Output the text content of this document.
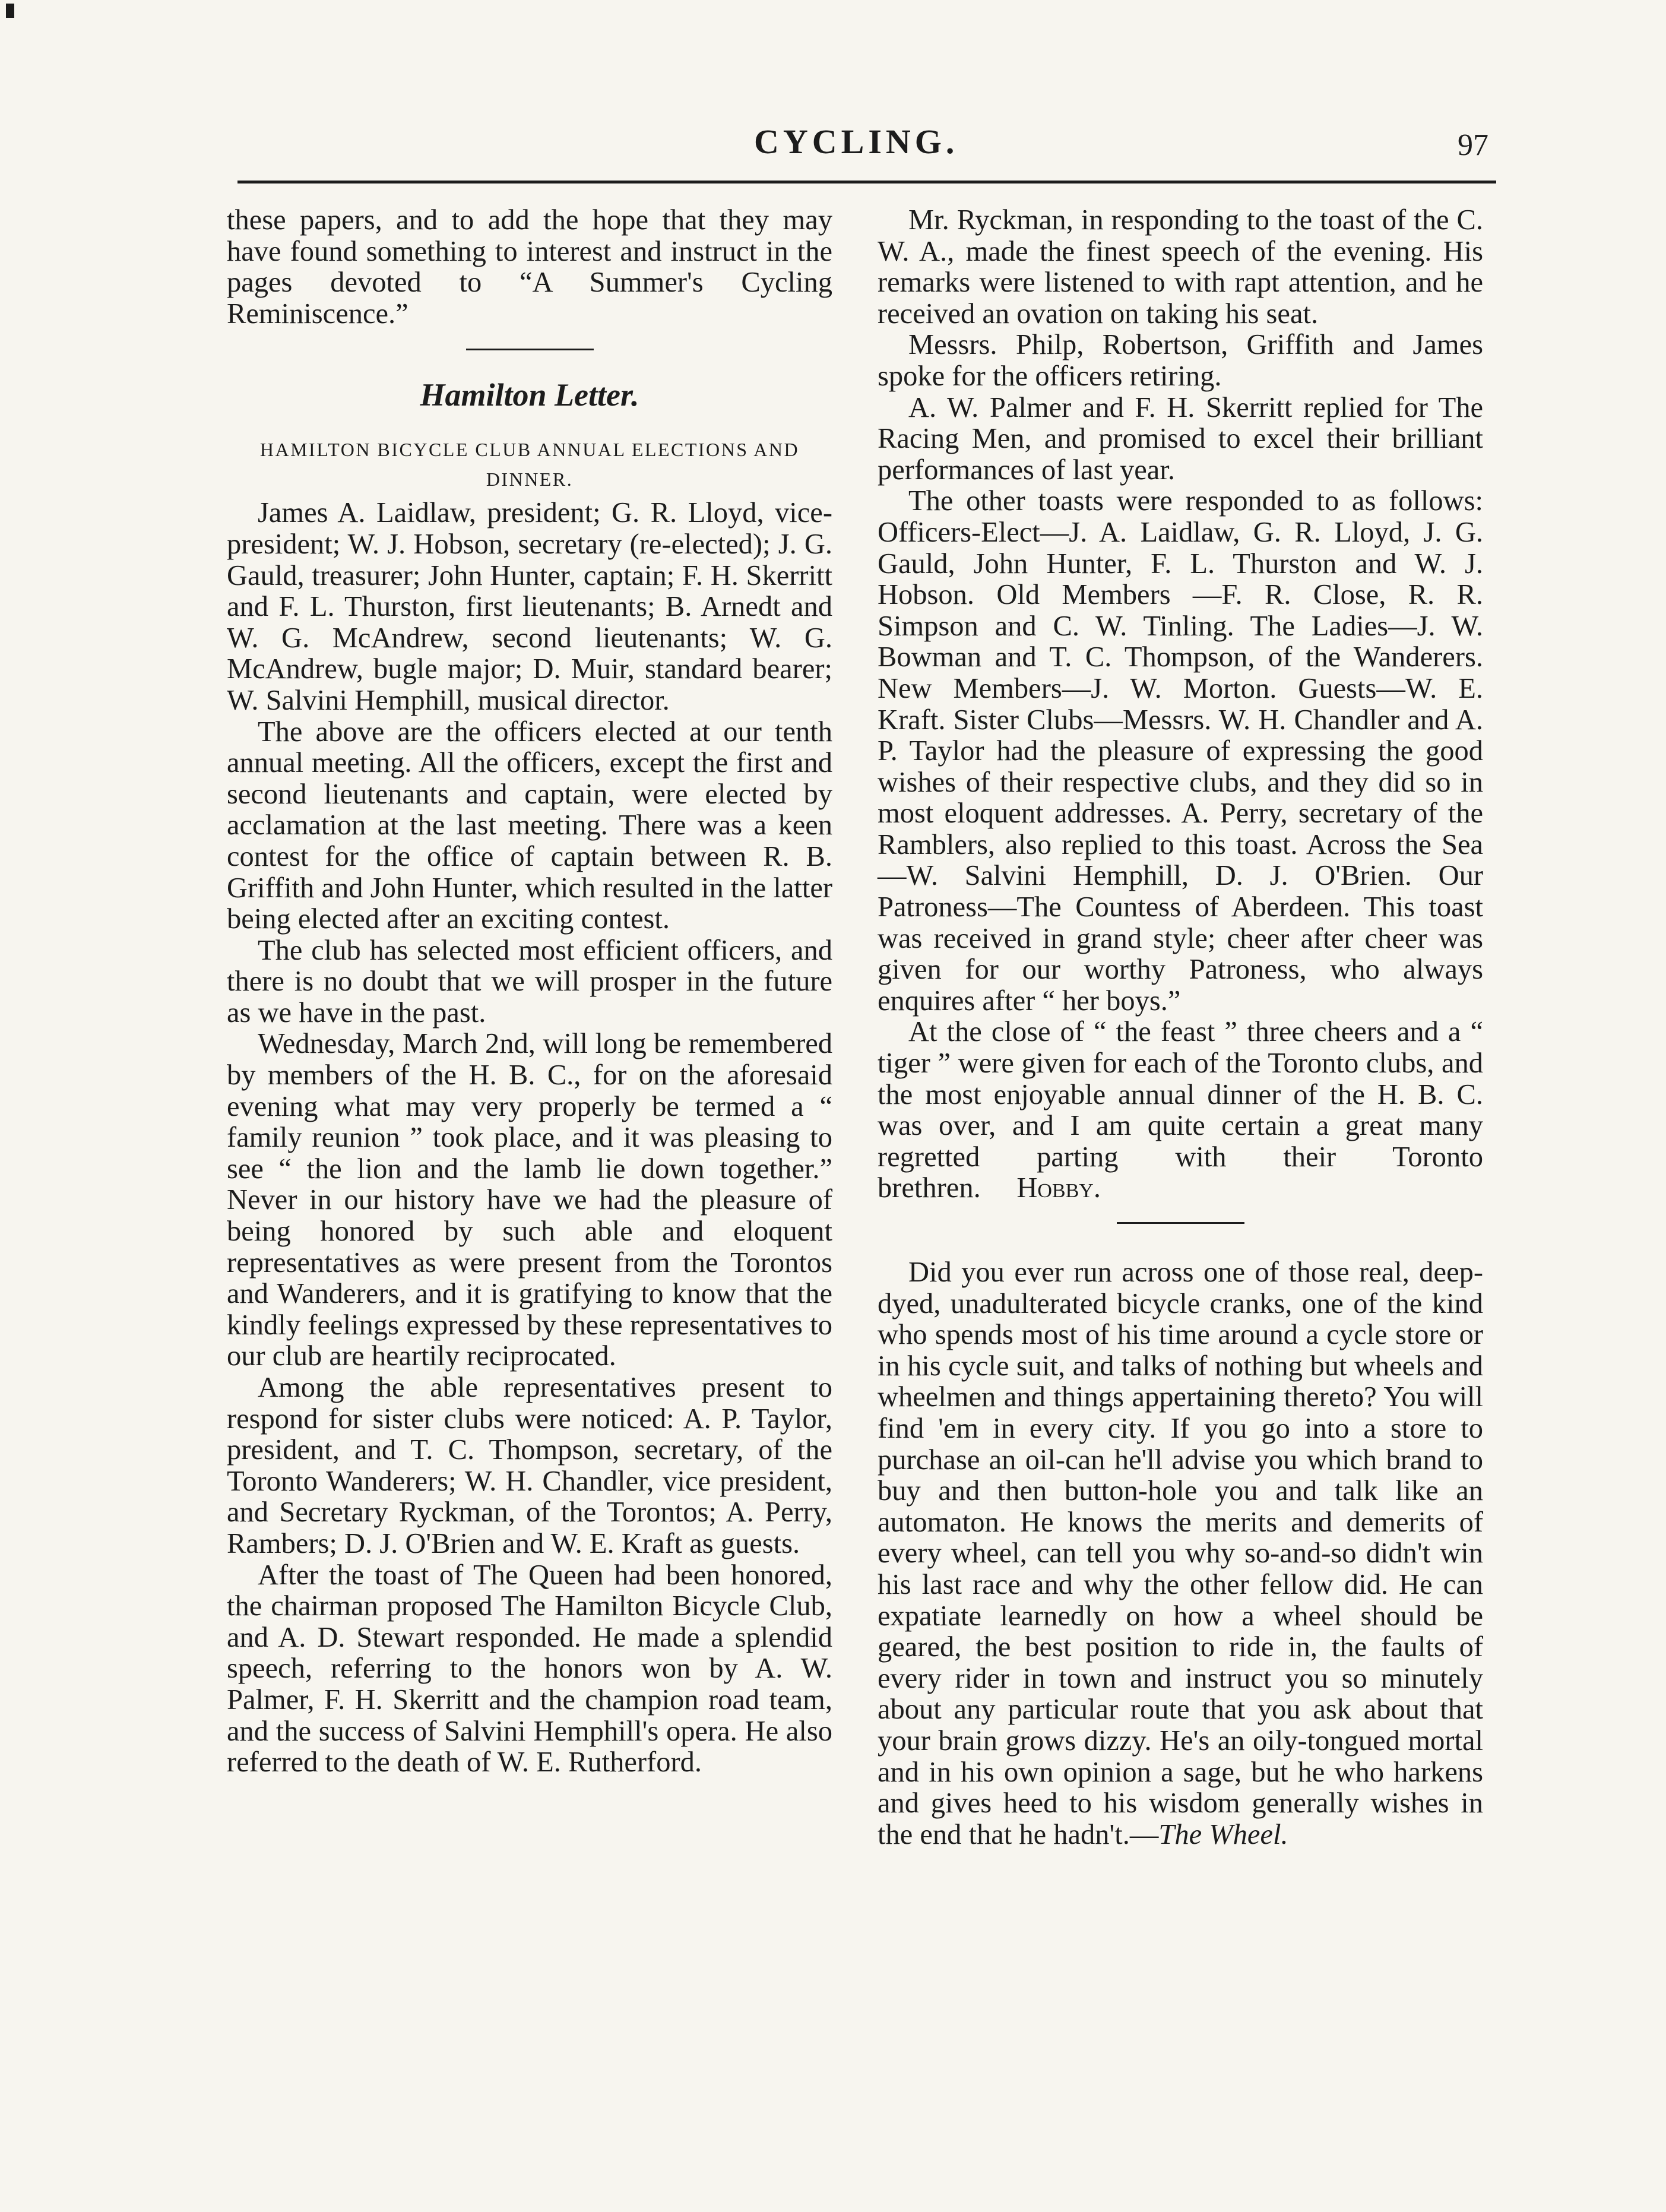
CYCLING.	97

these papers, and to add the hope that they may have found something to interest and instruct in the pages devoted to “A Summer's Cycling Reminiscence.”

Hamilton Letter.
HAMILTON BICYCLE CLUB ANNUAL ELECTIONS AND DINNER.

James A. Laidlaw, president; G. R. Lloyd, vice-president; W. J. Hobson, secretary (re-elected); J. G. Gauld, treasurer; John Hunter, captain; F. H. Skerritt and F. L. Thurston, first lieutenants; B. Arnedt and W. G. McAndrew, second lieutenants; W. G. McAndrew, bugle major; D. Muir, standard bearer; W. Salvini Hemphill, musical director.

The above are the officers elected at our tenth annual meeting. All the officers, except the first and second lieutenants and captain, were elected by acclamation at the last meeting. There was a keen contest for the office of captain between R. B. Griffith and John Hunter, which resulted in the latter being elected after an exciting contest.

The club has selected most efficient officers, and there is no doubt that we will prosper in the future as we have in the past.

Wednesday, March 2nd, will long be remembered by members of the H. B. C., for on the aforesaid evening what may very properly be termed a “ family reunion ” took place, and it was pleasing to see “ the lion and the lamb lie down together.” Never in our history have we had the pleasure of being honored by such able and eloquent representatives as were present from the Torontos and Wanderers, and it is gratifying to know that the kindly feelings expressed by these representatives to our club are heartily reciprocated.

Among the able representatives present to respond for sister clubs were noticed: A. P. Taylor, president, and T. C. Thompson, secretary, of the Toronto Wanderers; W. H. Chandler, vice president, and Secretary Ryckman, of the Torontos; A. Perry, Rambers; D. J. O'Brien and W. E. Kraft as guests.

After the toast of The Queen had been honored, the chairman proposed The Hamilton Bicycle Club, and A. D. Stewart responded. He made a splendid speech, referring to the honors won by A. W. Palmer, F. H. Skerritt and the champion road team, and the success of Salvini Hemphill's opera. He also referred to the death of W. E. Rutherford.

Mr. Ryckman, in responding to the toast of the C. W. A., made the finest speech of the evening. His remarks were listened to with rapt attention, and he received an ovation on taking his seat.

Messrs. Philp, Robertson, Griffith and James spoke for the officers retiring.

A. W. Palmer and F. H. Skerritt replied for The Racing Men, and promised to excel their brilliant performances of last year.

The other toasts were responded to as follows: Officers-Elect—J. A. Laidlaw, G. R. Lloyd, J. G. Gauld, John Hunter, F. L. Thurston and W. J. Hobson. Old Members —F. R. Close, R. R. Simpson and C. W. Tinling. The Ladies—J. W. Bowman and T. C. Thompson, of the Wanderers. New Members—J. W. Morton. Guests—W. E. Kraft. Sister Clubs—Messrs. W. H. Chandler and A. P. Taylor had the pleasure of expressing the good wishes of their respective clubs, and they did so in most eloquent addresses. A. Perry, secretary of the Ramblers, also replied to this toast. Across the Sea—W. Salvini Hemphill, D. J. O'Brien. Our Patroness—The Countess of Aberdeen. This toast was received in grand style; cheer after cheer was given for our worthy Patroness, who always enquires after “ her boys.”

At the close of “ the feast ” three cheers and a “ tiger ” were given for each of the Toronto clubs, and the most enjoyable annual dinner of the H. B. C. was over, and I am quite certain a great many regretted parting with their Toronto brethren. Hobby.

Did you ever run across one of those real, deep-dyed, unadulterated bicycle cranks, one of the kind who spends most of his time around a cycle store or in his cycle suit, and talks of nothing but wheels and wheelmen and things appertaining thereto? You will find 'em in every city. If you go into a store to purchase an oil-can he'll advise you which brand to buy and then button-hole you and talk like an automaton. He knows the merits and demerits of every wheel, can tell you why so-and-so didn't win his last race and why the other fellow did. He can expatiate learnedly on how a wheel should be geared, the best position to ride in, the faults of every rider in town and instruct you so minutely about any particular route that you ask about that your brain grows dizzy. He's an oily-tongued mortal and in his own opinion a sage, but he who harkens and gives heed to his wisdom generally wishes in the end that he hadn't.—The Wheel.
